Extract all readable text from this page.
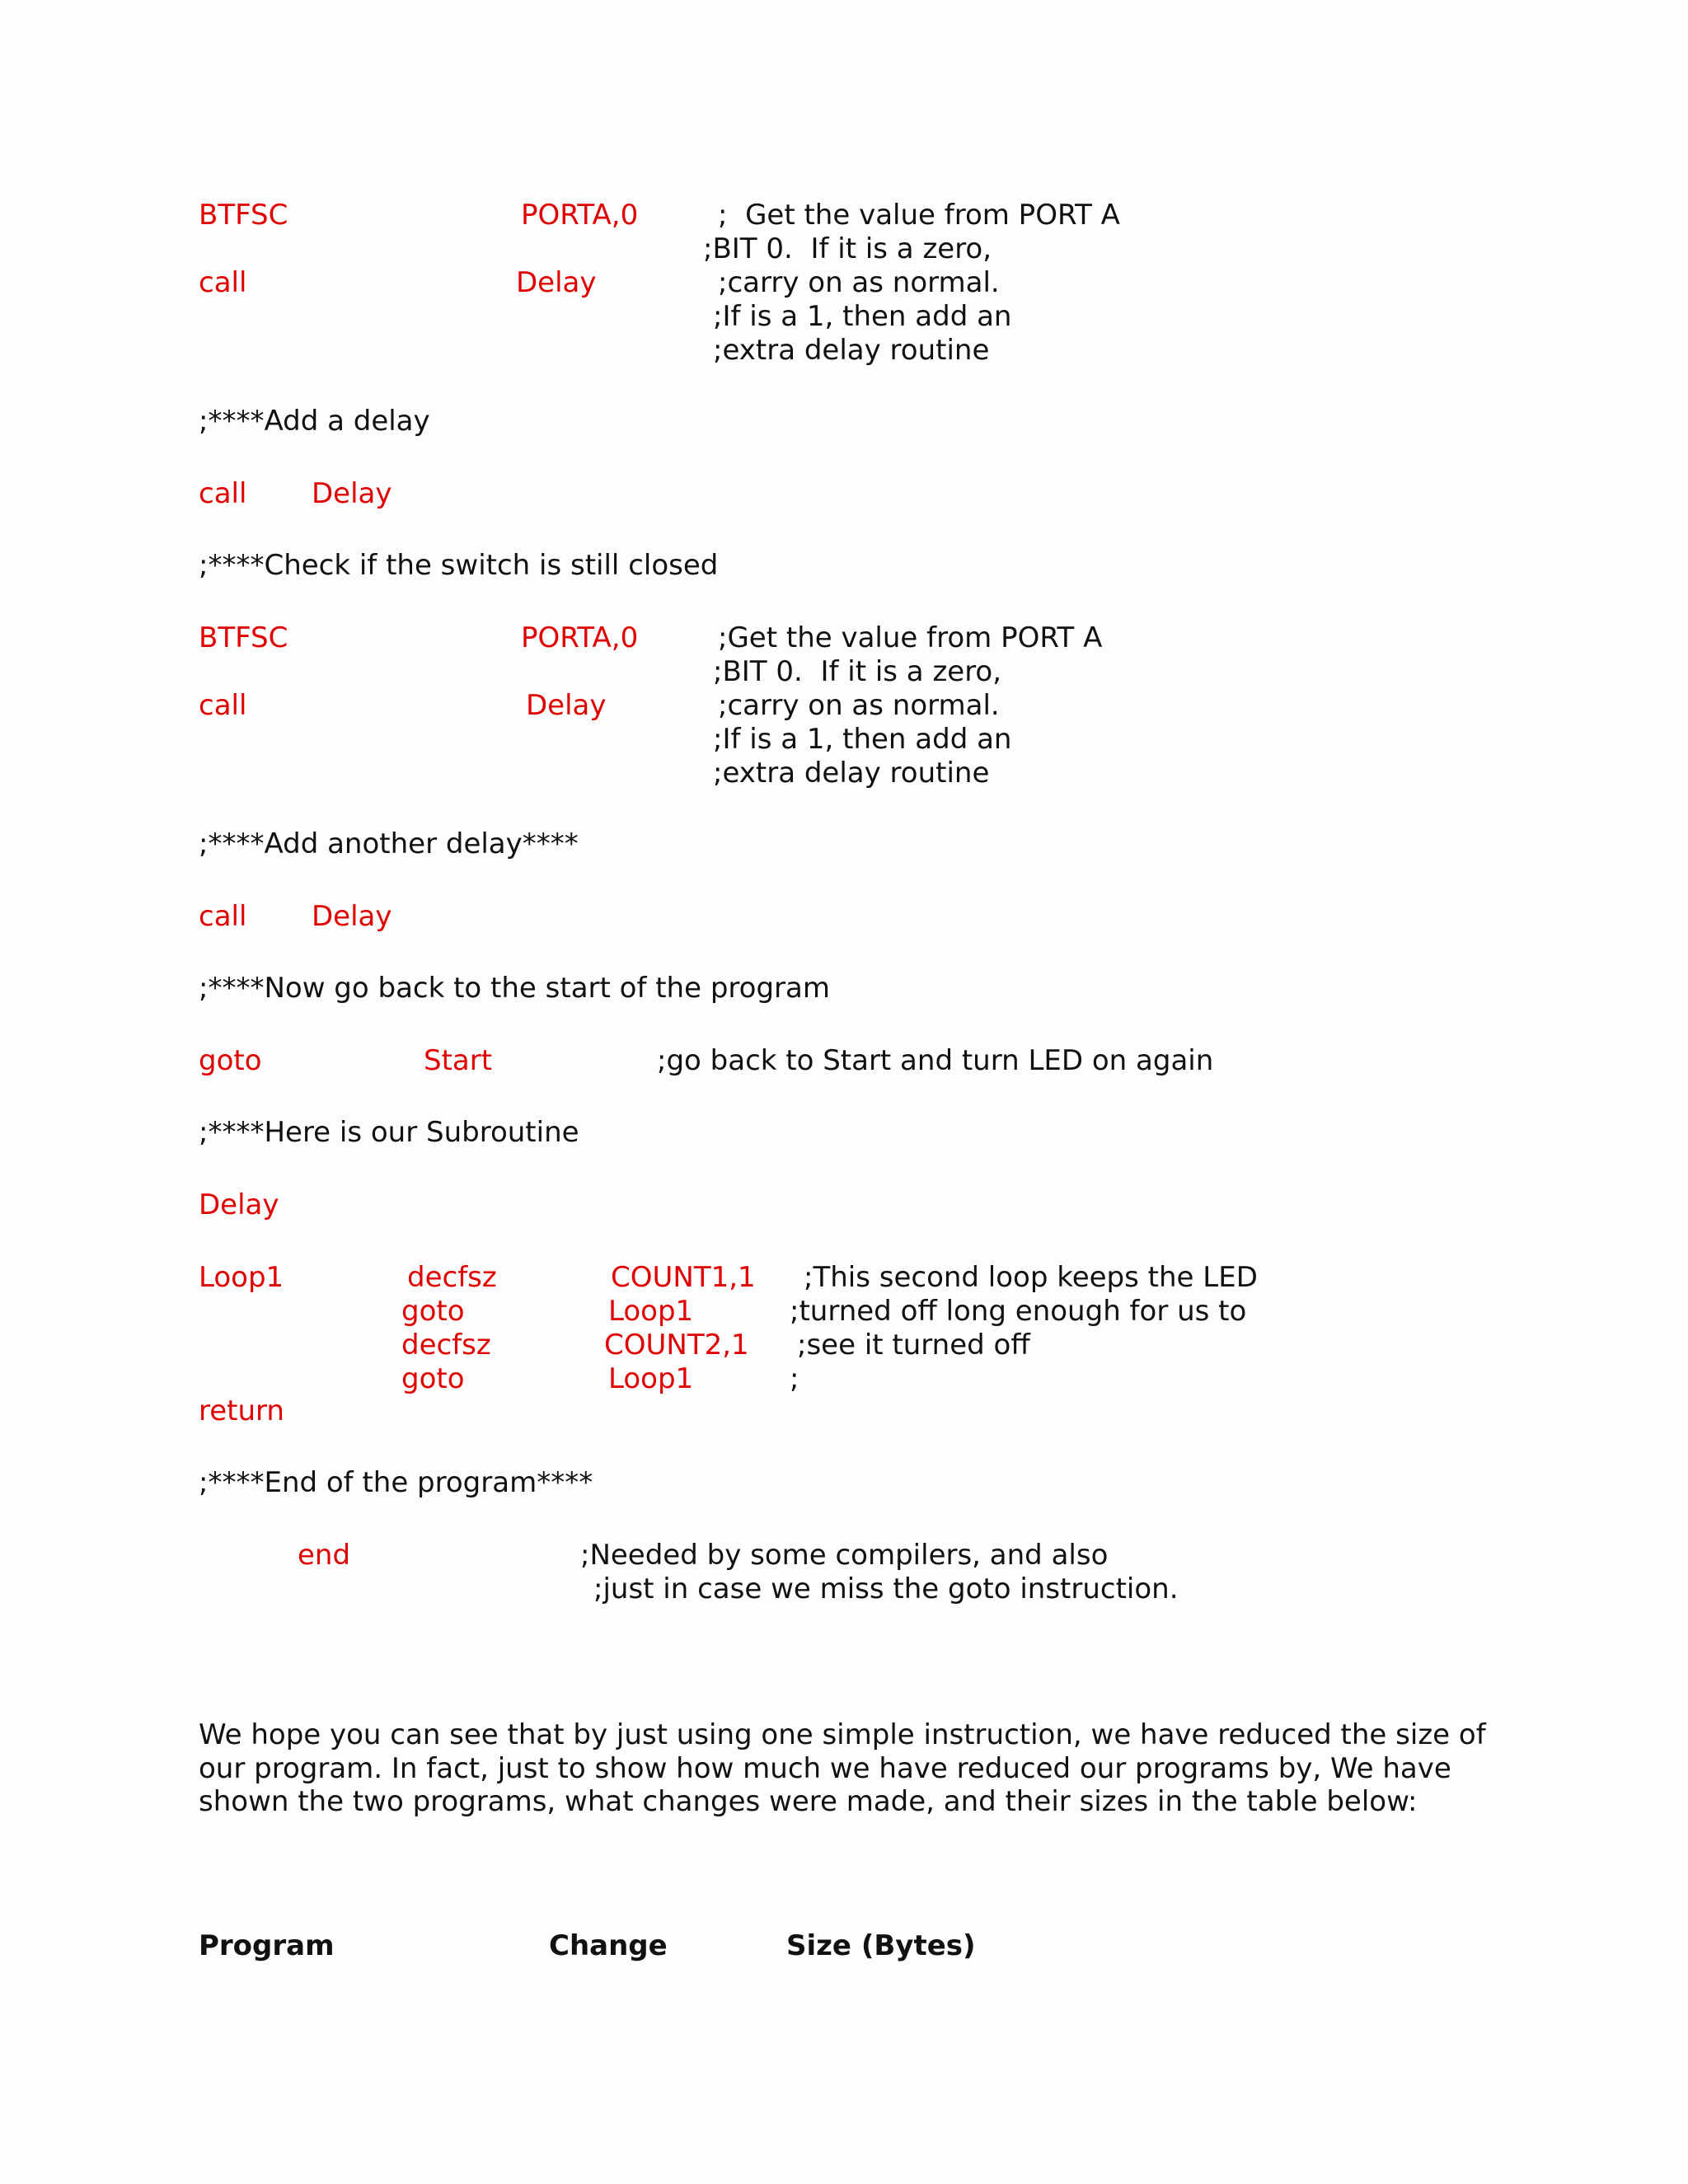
BTFSC	PORTA,0	;  Get the value from PORT A
;BIT 0.  If it is a zero,
call	Delay	;carry on as normal.
;If is a 1, then add an
;extra delay routine
;****Add a delay
call Delay
;****Check if the switch is still closed
BTFSC	PORTA,0	;Get the value from PORT A
;BIT 0.  If it is a zero,
call	Delay	;carry on as normal.
;If is a 1, then add an
;extra delay routine
;****Add another delay****
call Delay
;****Now go back to the start of the program
goto	Start	;go back to Start and turn LED on again
;****Here is our Subroutine
Delay
Loop1	decfsz	COUNT1,1 ;This second loop keeps the LED
goto	Loop1	;turned off long enough for us to
decfsz	COUNT2,1 ;see it turned off
goto	Loop1	;
return
;****End of the program****
end	;Needed by some compilers, and also
;just in case we miss the goto instruction.
We hope you can see that by just using one simple instruction, we have reduced the size of our program. In fact, just to show how much we have reduced our programs by, We have shown the two programs, what changes were made, and their sizes in the table below:
Program	Change	Size (Bytes)
